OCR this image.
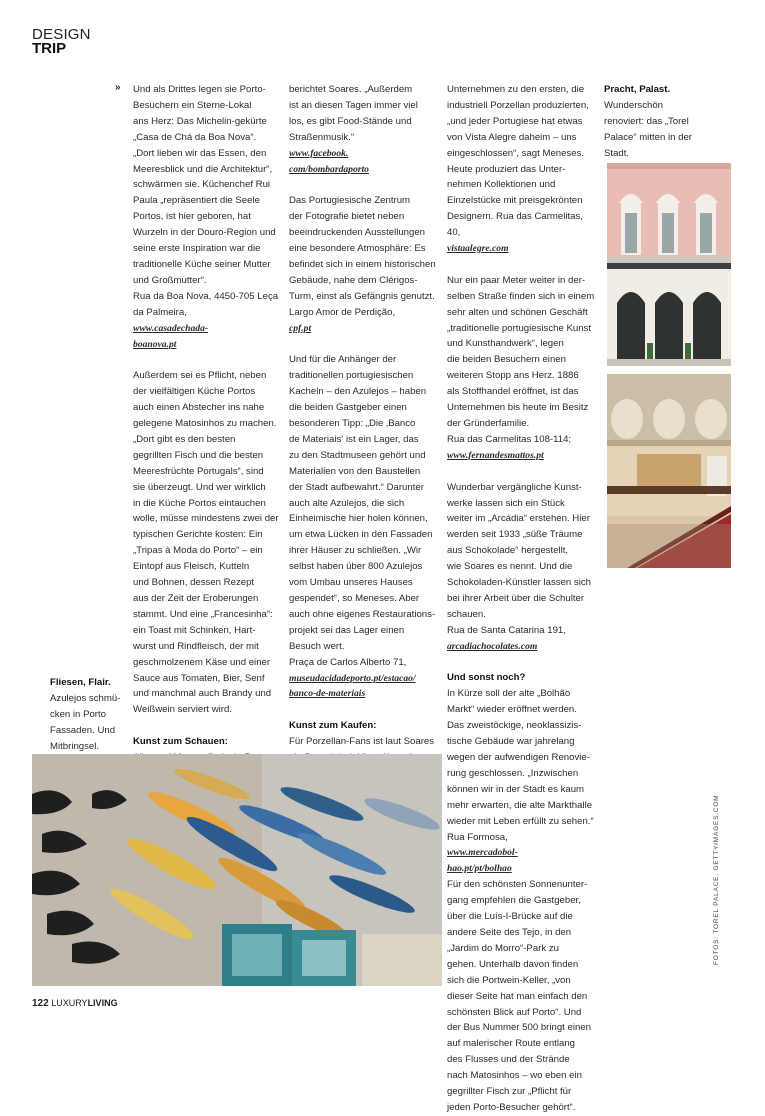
DESIGN
TRIP
» Und als Drittes legen sie Porto-

Besuchern ein Sterne-Lokal

ans Herz: Das Michelin-gekürte

„Casa de Chá da Boa Nova“.

„Dort lieben wir das Essen, den

Meeresblick und die Architektur“,

schwärmen sie. Küchenchef Rui

Paula „repräsentiert die Seele

Portos, ist hier geboren, hat

Wurzeln in der Douro-Region und

seine erste Inspiration war die

traditionelle Küche seiner Mutter

und Großmutter“.

Rua da Boa Nova, 4450-705 Leça

da Palmeira,

www.casadechada-

boanova.pt

Außerdem sei es Pflicht, neben

der vielfältigen Küche Portos

auch einen Abstecher ins nahe

gelegene Matosinhos zu machen.

„Dort gibt es den besten

gegrillten Fisch und die besten

Meeresfrüchte Portugals“, sind

sie überzeugt. Und wer wirklich

in die Küche Portos eintauchen

wolle, müsse mindestens zwei der

typischen Gerichte kosten: Ein

„Tripas à Moda do Porto“ – ein

Eintopf aus Fleisch, Kutteln

und Bohnen, dessen Rezept

aus der Zeit der Eroberungen

stammt. Und eine „Francesinha“:

ein Toast mit Schinken, Hart-

wurst und Rindfleisch, der mit

geschmolzenem Käse und einer

Sauce aus Tomaten, Bier, Senf

und manchmal auch Brandy und

Weißwein serviert wird.

Kunst zum Schauen:

Fliesen, Flair.

Azulejos schmü-

cken in Porto

Fassaden. Und

Mitbringsel.

berichtet Soares. „Außerdem

ist an diesen Tagen immer viel

los, es gibt Food-Stände und

Straßenmusik.“

www.facebook.

com/bombardaporto

Das Portugiesische Zentrum

der Fotografie bietet neben

beeindruckenden Ausstellungen

eine besondere Atmosphäre: Es

befindet sich in einem historischen

Gebäude, nahe dem Clérigos-

Turm, einst als Gefängnis genutzt.

Largo Amor de Perdição,

cpf.pt

Und für die Anhänger der

traditionellen portugiesischen

Kacheln – den Azulejos – haben

die beiden Gastgeber einen

besonderen Tipp: „Die ‚Banco

de Materiais‘ ist ein Lager, das

zu den Stadtmuseen gehört und

Materialien von den Baustellen

der Stadt aufbewahrt.“ Darunter

auch alte Azulejos, die sich

Einheimische hier holen können,

um etwa Lücken in den Fassaden

ihrer Häuser zu schließen. „Wir

selbst haben über 800 Azulejos

vom Umbau unseres Hauses

gespendet“, so Meneses. Aber

auch ohne eigenes Restaurations-

projekt sei das Lager einen

Besuch wert.

Praça de Carlos Alberto 71,

museudacidadeporto.pt/estacao/

banco-de-materiais

Kunst zum Kaufen:

Für Porzellan-Fans ist laut Soares

Unternehmen zu den ersten, die

industriell Porzellan produzierten,

„und jeder Portugiese hat etwas

von Vista Alegre daheim – uns

eingeschlossen“, sagt Meneses.

Heute produziert das Unter-

nehmen Kollektionen und

Einzelstücke mit preisgekrönten

Designern. Rua das Carmelitas,

40,

vistaalegre.com

Nur ein paar Meter weiter in der-

selben Straße finden sich in einem

sehr alten und schönen Geschäft

„traditionelle portugiesische Kunst

und Kunsthandwerk“, legen

die beiden Besuchern einen

weiteren Stopp ans Herz. 1886

als Stoffhandel eröffnet, ist das

Unternehmen bis heute im Besitz

der Gründerfamilie.

Rua das Carmelitas 108-114;

www.fernandesmattos.pt

Wunderbar vergängliche Kunst-

werke lassen sich ein Stück

weiter im „Arcádia“ erstehen. Hier

werden seit 1933 „süße Träume

aus Schokolade“ hergestellt,

wie Soares es nennt. Und die

Schokoladen-Künstler lassen sich

bei ihrer Arbeit über die Schulter

schauen.

Rua de Santa Catarina 191,

arcadiachocolates.com

Und sonst noch?

In Kürze soll der alte „Bolhão

Markt“ wieder eröffnet werden.

Das zweistöckige, neoklassizis-

tische Gebäude war jahrelang

wegen der aufwendigen Renovie-

rung geschlossen. „Inzwischen

können wir in der Stadt es kaum

mehr erwarten, die alte Markthalle

wieder mit Leben erfüllt zu sehen.“

Rua Formosa,

www.mercadobol-

hao.pt/pt/bolhao

Für den schönsten Sonnenunter-

gang empfehlen die Gastgeber,

über die Luís-I-Brücke auf die

andere Seite des Tejo, in den

„Jardim do Morro“-Park zu

gehen. Unterhalb davon finden

sich die Portwein-Keller, „von

dieser Seite hat man einfach den

schönsten Blick auf Porto“. Und

der Bus Nummer 500 bringt einen

auf malerischer Route entlang

des Flusses und der Strände

nach Matosinhos – wo eben ein

gegrillter Fisch zur „Pflicht für

jeden Porto-Besucher gehört“.

Pracht, Palast.

Wunderschön

renoviert: das „Torel

Palace“ mitten in der

Stadt.

FOTOS: TOREL PALACE, GETTYIMAGES.COM
122 LUXURYLIVING
